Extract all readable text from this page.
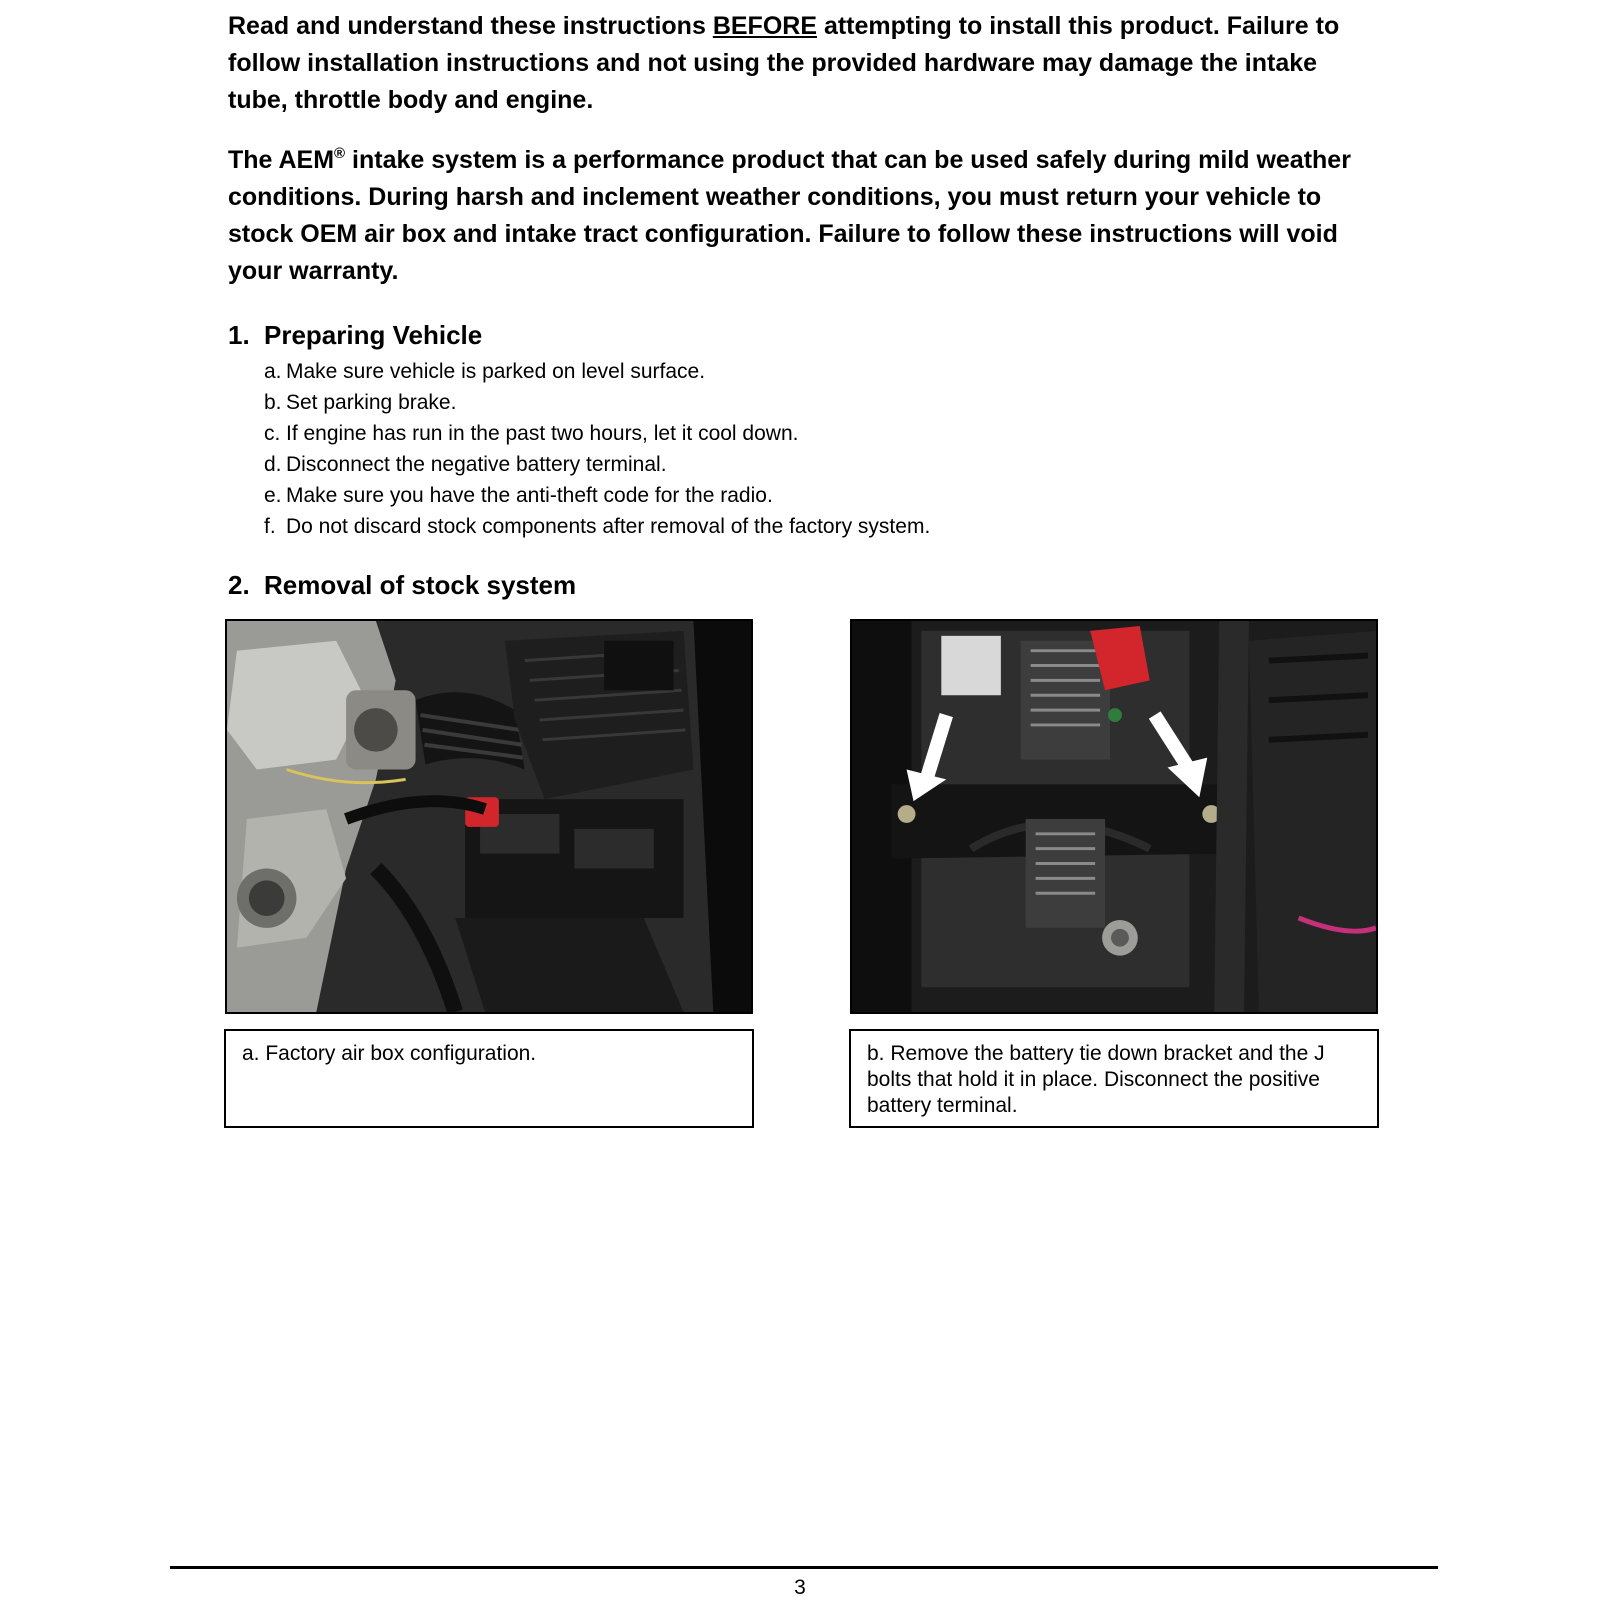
Read and understand these instructions BEFORE attempting to install this product. Failure to follow installation instructions and not using the provided hardware may damage the intake tube, throttle body and engine.

The AEM® intake system is a performance product that can be used safely during mild weather conditions. During harsh and inclement weather conditions, you must return your vehicle to stock OEM air box and intake tract configuration. Failure to follow these instructions will void your warranty.

1. Preparing Vehicle
a. Make sure vehicle is parked on level surface.
b. Set parking brake.
c. If engine has run in the past two hours, let it cool down.
d. Disconnect the negative battery terminal.
e. Make sure you have the anti-theft code for the radio.
f. Do not discard stock components after removal of the factory system.
2. Removal of stock system
a. Factory air box configuration.	b. Remove the battery tie down bracket and the J bolts that hold it in place. Disconnect the positive battery terminal.
3
